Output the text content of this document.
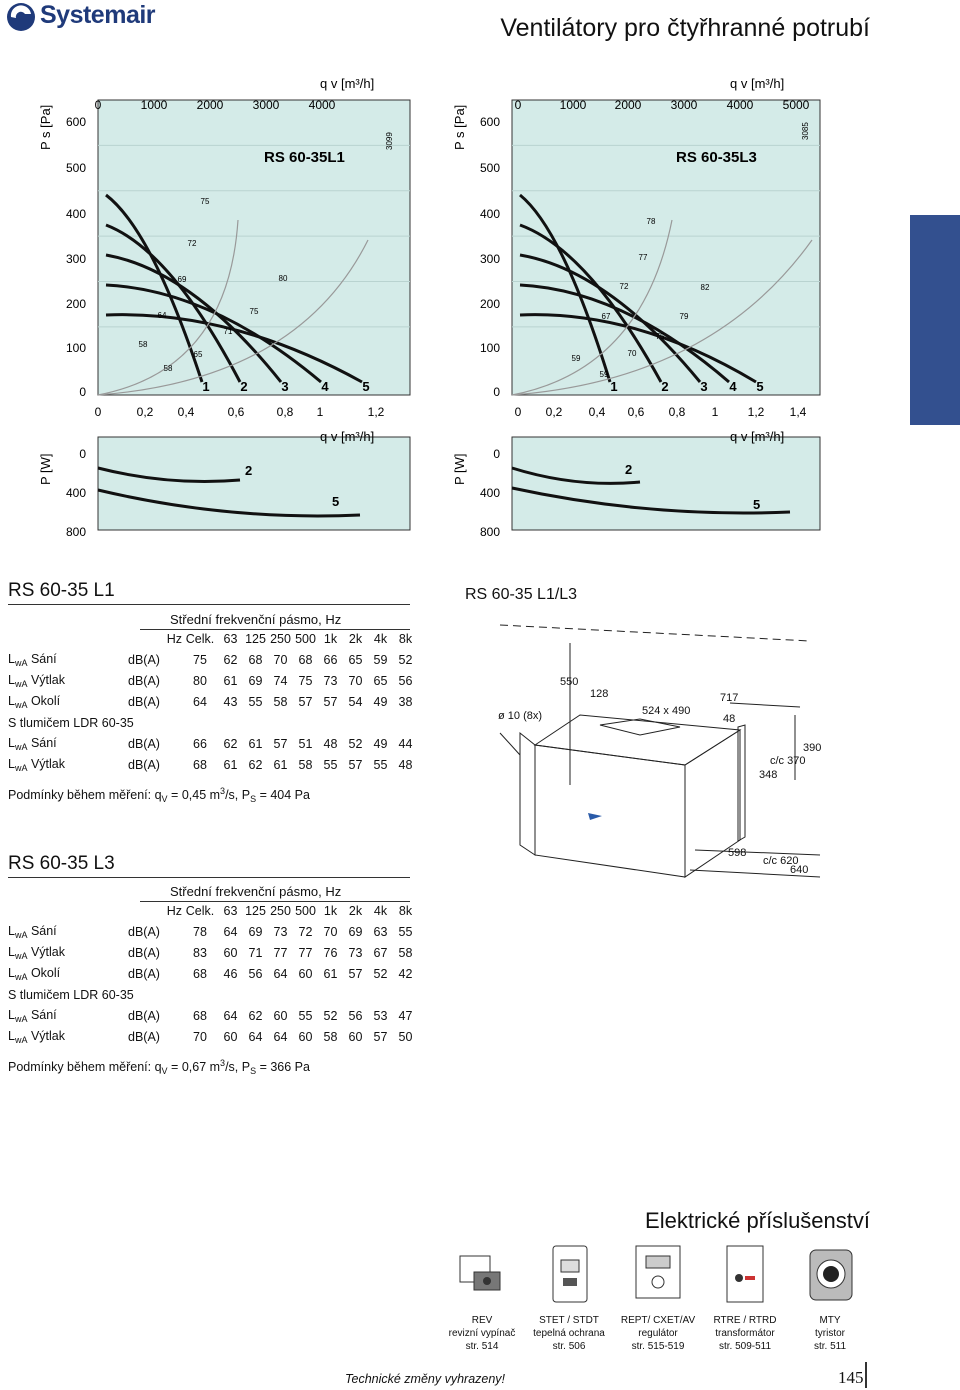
Systemair	Ventilátory pro čtyřhranné potrubí
600
500
400
300
200
100
0
0	1000 2000 3000 4000
0	0,2 0,4	0,6	0,8 1	1,2
q v [m³/h]
q v [m³/h]
P s [Pa]
RS 60-35L1
3099
1 2	3	4	5
75
72
69
64
58
58
65
71
75
80
P [W] 0
400
800
2
5
600
500
400
300
200
100
0
0	1000 2000 3000 4000 5000
0 0,2 0,4 0,6 0,8 1 1,2 1,4
q v [m³/h]
q v [m³/h]
P s [Pa]
RS 60-35L3
3085
1	2 3 4 5
78
77
72
67
59
59
70
75
79
82
P [W] 0
400
800
2
5
RS 60-35 L1
Střední frekvenční pásmo, Hz
	Hz	Celk.	63	125	250	500	1k	2k	4k	8k
$L_{wA}$ Sání	dB(A)	75	62	68	70	68	66	65	59	52
$L_{wA}$ Výtlak	dB(A)	80	61	69	74	75	73	70	65	56
$L_{wA}$ Okolí	dB(A)	64	43	55	58	57	57	54	49	38
S tlumičem LDR 60-35										
$L_{wA}$ Sání	dB(A)	66	62	61	57	51	48	52	49	44
$L_{wA}$ Výtlak	dB(A)	68	61	62	61	58	55	57	55	48
Podmínky během měření: $q_V = 0,45$ $m^3/s$, $P_S = 404$ Pa
RS 60-35 L3
Střední frekvenční pásmo, Hz
	Hz	Celk.	63	125	250	500	1k	2k	4k	8k
$L_{wA}$ Sání	dB(A)	78	64	69	73	72	70	69	63	55
$L_{wA}$ Výtlak	dB(A)	83	60	71	77	77	76	73	67	58
$L_{wA}$ Okolí	dB(A)	68	46	56	64	60	61	57	52	42
S tlumičem LDR 60-35										
$L_{wA}$ Sání	dB(A)	68	64	62	60	55	52	56	53	47
$L_{wA}$ Výtlak	dB(A)	70	60	64	64	60	58	60	57	50
Podmínky během měření: $q_V = 0,67$ $m^3/s$, $P_S = 366$ Pa
RS 60-35 L1/L3
550
128	717
ø 10 (8x)	524 x 490
48
390
c/c 370
348
598
c/c 620
640
Elektrické příslušenství
REV
revizní vypínač
str. 514
STET / STDT
tepelná ochrana
str. 506
REPT/ CXET/AV
regulátor
str. 515-519
RTRE / RTRD
transformátor
str. 509-511
MTY
tyristor
str. 511
Technické změny vyhrazeny!	145
